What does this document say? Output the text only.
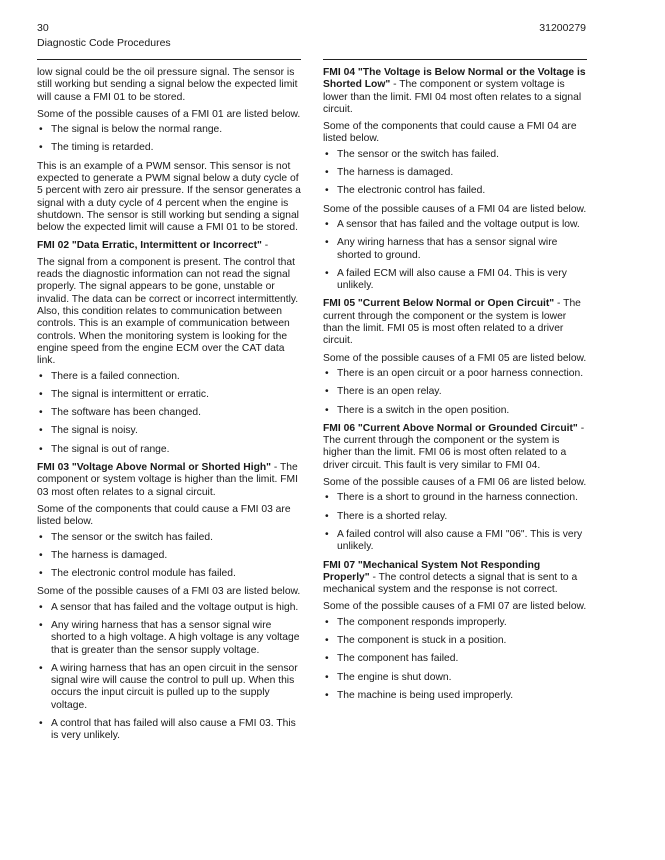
30
Diagnostic Code Procedures
31200279

low signal could be the oil pressure signal. The sensor is still working but sending a signal below the expected limit will cause a FMI 01 to be stored.

Some of the possible causes of a FMI 01 are listed below.

• The signal is below the normal range.
• The timing is retarded.

This is an example of a PWM sensor. This sensor is not expected to generate a PWM signal below a duty cycle of 5 percent with zero air pressure. If the sensor generates a signal with a duty cycle of 4 percent when the engine is shutdown. The sensor is still working but sending a signal below the expected limit will cause a FMI 01 to be stored.

FMI 02 "Data Erratic, Intermittent or Incorrect" -

The signal from a component is present. The control that reads the diagnostic information can not read the signal properly. The signal appears to be gone, unstable or invalid. The data can be correct or incorrect intermittently. Also, this condition relates to communication between controls. This is an example of communication between controls. When the monitoring system is looking for the engine speed from the engine ECM over the CAT data link.

• There is a failed connection.
• The signal is intermittent or erratic.
• The software has been changed.
• The signal is noisy.
• The signal is out of range.

FMI 03 "Voltage Above Normal or Shorted High" - The component or system voltage is higher than the limit. FMI 03 most often relates to a signal circuit.

Some of the components that could cause a FMI 03 are listed below.

• The sensor or the switch has failed.
• The harness is damaged.
• The electronic control module has failed.

Some of the possible causes of a FMI 03 are listed below.

• A sensor that has failed and the voltage output is high.
• Any wiring harness that has a sensor signal wire shorted to a high voltage. A high voltage is any voltage that is greater than the sensor supply voltage.
• A wiring harness that has an open circuit in the sensor signal wire will cause the control to pull up. When this occurs the input circuit is pulled up to the supply voltage.
• A control that has failed will also cause a FMI 03. This is very unlikely.

FMI 04 "The Voltage is Below Normal or the Voltage is Shorted Low" - The component or system voltage is lower than the limit. FMI 04 most often relates to a signal circuit.

Some of the components that could cause a FMI 04 are listed below.

• The sensor or the switch has failed.
• The harness is damaged.
• The electronic control has failed.

Some of the possible causes of a FMI 04 are listed below.

• A sensor that has failed and the voltage output is low.
• Any wiring harness that has a sensor signal wire shorted to ground.
• A failed ECM will also cause a FMI 04. This is very unlikely.

FMI 05 "Current Below Normal or Open Circuit" - The current through the component or the system is lower than the limit. FMI 05 is most often related to a driver circuit.

Some of the possible causes of a FMI 05 are listed below.

• There is an open circuit or a poor harness connection.
• There is an open relay.
• There is a switch in the open position.

FMI 06 "Current Above Normal or Grounded Circuit" - The current through the component or the system is higher than the limit. FMI 06 is most often related to a driver circuit. This fault is very similar to FMI 04.

Some of the possible causes of a FMI 06 are listed below.

• There is a short to ground in the harness connection.
• There is a shorted relay.
• A failed control will also cause a FMI "06". This is very unlikely.

FMI 07 "Mechanical System Not Responding Properly" - The control detects a signal that is sent to a mechanical system and the response is not correct.

Some of the possible causes of a FMI 07 are listed below.

• The component responds improperly.
• The component is stuck in a position.
• The component has failed.
• The engine is shut down.
• The machine is being used improperly.
